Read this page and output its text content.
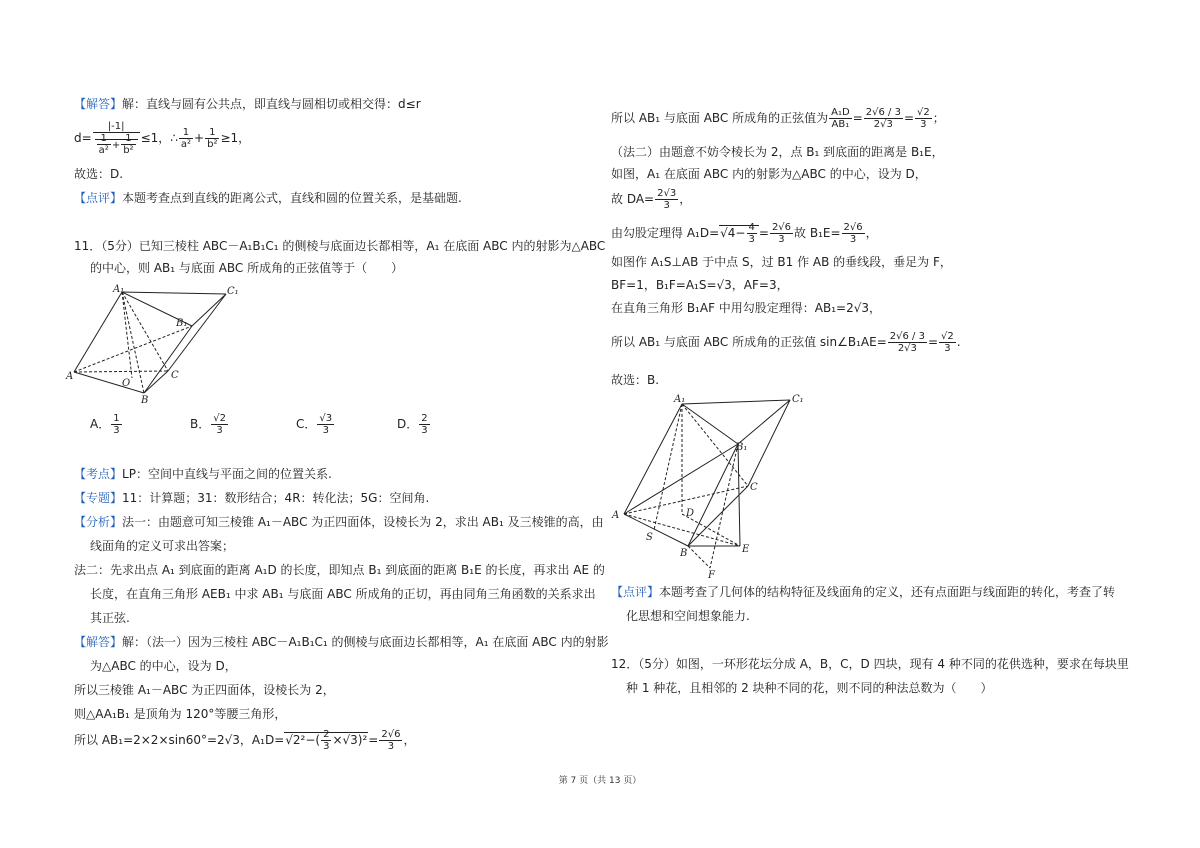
【解答】解：直线与圆有公共点，即直线与圆相切或相交得：d≤r
$d= \frac{|-1|}{\frac{1}{\text{a²}} + \frac{1}{\text{b²}}} \le 1$，∴ $\frac{1}{\text{a²}} + \frac{1}{\text{b²}} \ge 1$，
故选：D.
【点评】本题考查点到直线的距离公式，直线和圆的位置关系，是基础题.
11．（5分）已知三棱柱 ABC－A₁B₁C₁ 的侧棱与底面边长都相等，A₁ 在底面 ABC 内的射影为△ABC
的中心，则 AB₁ 与底面 ABC 所成角的正弦值等于（　　）
A₁	C₁
B₁
A
B
C
O
A． $\frac{1}{3}$	B． $\frac{√2}{3}$	C． $\frac{√3}{3}$	D． $\frac{2}{3}$
【考点】LP：空间中直线与平面之间的位置关系.
【专题】11：计算题；31：数形结合；4R：转化法；5G：空间角.
【分析】法一：由题意可知三棱锥 A₁－ABC 为正四面体，设棱长为 2，求出 AB₁ 及三棱锥的高，由
线面角的定义可求出答案；
法二：先求出点 A₁ 到底面的距离 A₁D 的长度，即知点 B₁ 到底面的距离 B₁E 的长度，再求出 AE 的
长度，在直角三角形 AEB₁ 中求 AB₁ 与底面 ABC 所成角的正切，再由同角三角函数的关系求出
其正弦.
【解答】解：（法一）因为三棱柱 ABC－A₁B₁C₁ 的侧棱与底面边长都相等，A₁ 在底面 ABC 内的射影
为△ABC 的中心，设为 D，
所以三棱锥 A₁－ABC 为正四面体，设棱长为 2，
则△AA₁B₁ 是顶角为 120°等腰三角形，
所以 AB₁=2×2×sin60°=2√3，$A_1D=√2^2-( \frac{2}{3} \times√3)^2= \frac{2√6}{3}$ ，
所以 AB₁ 与底面 ABC 所成角的正弦值为 $\frac{\text{A₁D}}{\text{AB₁}} = \frac{2√6 / 3}{2√3} = \frac{√2}{3}$ ；
（法二）由题意不妨令棱长为 2，点 B₁ 到底面的距离是 B₁E，
如图，A₁ 在底面 ABC 内的射影为△ABC 的中心，设为 D，
故 $DA= \frac{2√3}{3}$ ，
由勾股定理得 $A_1D=√4- \frac{4}{3} = \frac{2√6}{3}$ 故 $B_1E= \frac{2√6}{3}$ ，
如图作 A₁S⊥AB 于中点 S，过 B1 作 AB 的垂线段，垂足为 F，
BF=1，B₁F=A₁S=√3，AF=3，
在直角三角形 B₁AF 中用勾股定理得：AB₁=2√3，
所以 AB₁ 与底面 ABC 所成角的正弦值 sin∠B₁AE= $\frac{2√6 / 3}{2√3} = \frac{√2}{3}$ .
故选：B.
A₁	C₁
B₁
A
C
D
S
B	E
F
【点评】本题考查了几何体的结构特征及线面角的定义，还有点面距与线面距的转化，考查了转
化思想和空间想象能力.
12．（5分）如图，一环形花坛分成 A，B，C，D 四块，现有 4 种不同的花供选种，要求在每块里
种 1 种花，且相邻的 2 块种不同的花，则不同的种法总数为（　　）
第 7 页（共 13 页）
